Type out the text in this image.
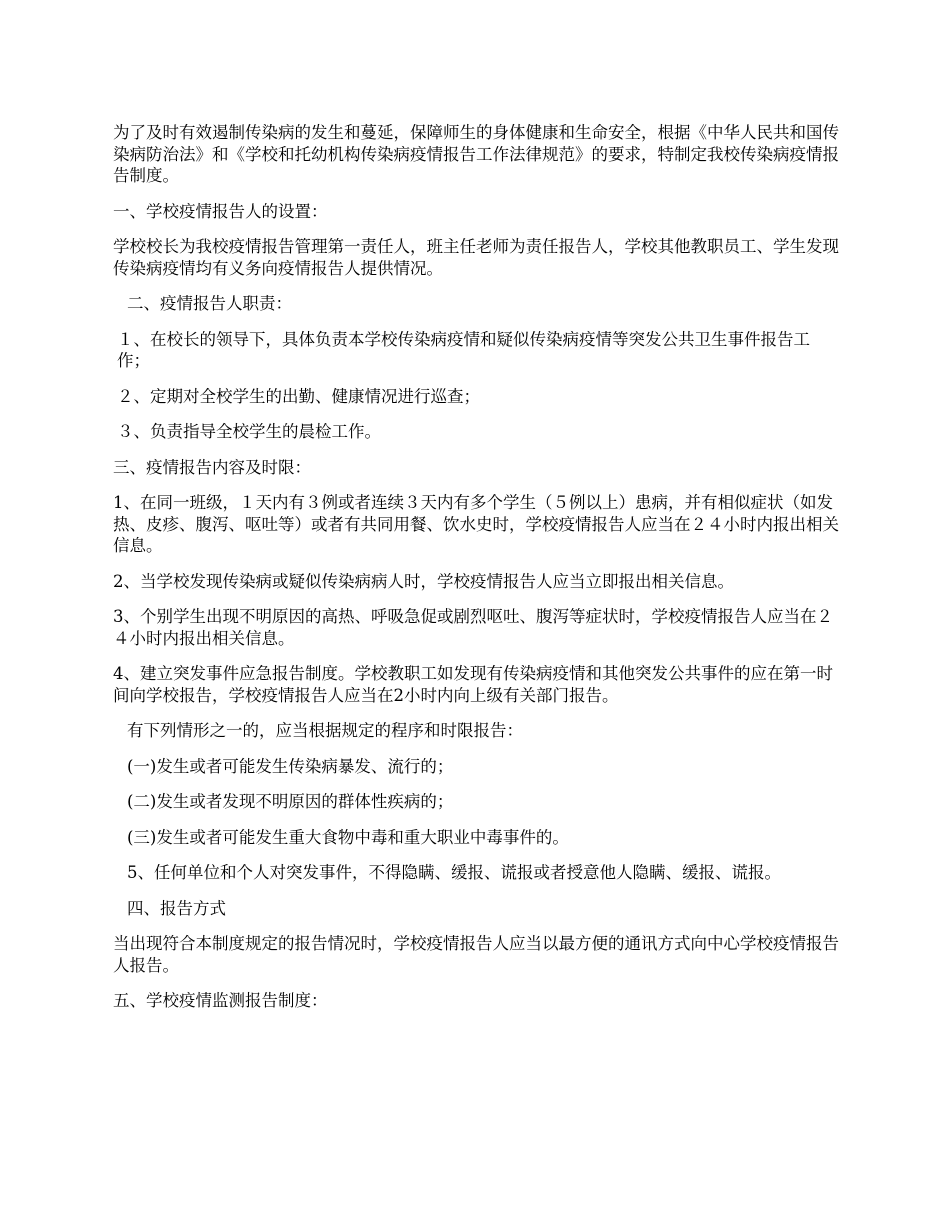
为了及时有效遏制传染病的发生和蔓延，保障师生的身体健康和生命安全，根据《中华人民共和国传染病防治法》和《学校和托幼机构传染病疫情报告工作法律规范》的要求，特制定我校传染病疫情报告制度。

一、学校疫情报告人的设置：

学校校长为我校疫情报告管理第一责任人，班主任老师为责任报告人，学校其他教职员工、学生发现传染病疫情均有义务向疫情报告人提供情况。

二、疫情报告人职责：

１、在校长的领导下，具体负责本学校传染病疫情和疑似传染病疫情等突发公共卫生事件报告工作；

２、定期对全校学生的出勤、健康情况进行巡查；

３、负责指导全校学生的晨检工作。

三、疫情报告内容及时限：

1、在同一班级，１天内有３例或者连续３天内有多个学生（５例以上）患病，并有相似症状（如发热、皮疹、腹泻、呕吐等）或者有共同用餐、饮水史时，学校疫情报告人应当在２４小时内报出相关信息。

2、当学校发现传染病或疑似传染病病人时，学校疫情报告人应当立即报出相关信息。

3、个别学生出现不明原因的高热、呼吸急促或剧烈呕吐、腹泻等症状时，学校疫情报告人应当在２４小时内报出相关信息。

4、建立突发事件应急报告制度。学校教职工如发现有传染病疫情和其他突发公共事件的应在第一时间向学校报告，学校疫情报告人应当在2小时内向上级有关部门报告。

有下列情形之一的，应当根据规定的程序和时限报告：

(一)发生或者可能发生传染病暴发、流行的；

(二)发生或者发现不明原因的群体性疾病的；

(三)发生或者可能发生重大食物中毒和重大职业中毒事件的。

5、任何单位和个人对突发事件，不得隐瞒、缓报、谎报或者授意他人隐瞒、缓报、谎报。

四、报告方式

当出现符合本制度规定的报告情况时，学校疫情报告人应当以最方便的通讯方式向中心学校疫情报告人报告。

五、学校疫情监测报告制度：
